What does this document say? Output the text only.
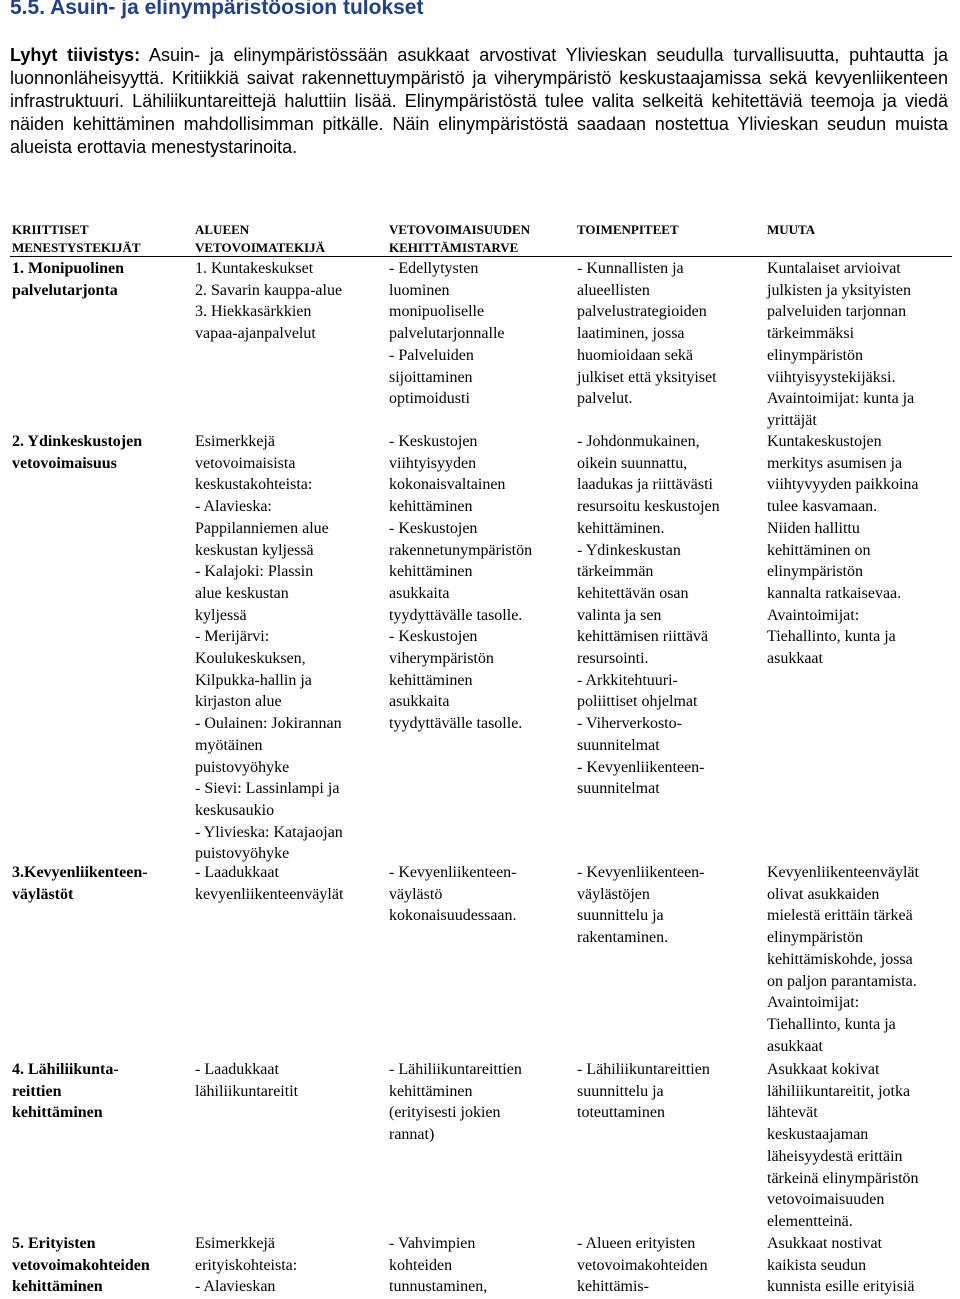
5.5. Asuin- ja elinympäristöosion tulokset

Lyhyt tiivistys: Asuin- ja elinympäristössään asukkaat arvostivat Ylivieskan seudulla turvallisuutta, puhtautta ja luonnonläheisyyttä. Kritiikkiä saivat rakennettuympäristö ja viherympäristö keskustaajamissa sekä kevyenliikenteen infrastruktuuri. Lähiliikuntareittejä haluttiin lisää. Elinympäristöstä tulee valita selkeitä kehitettäviä teemoja ja viedä näiden kehittäminen mahdollisimman pitkälle. Näin elinympäristöstä saadaan nostettua Ylivieskan seudun muista alueista erottavia menestystarinoita.

KRIITTISET
MENESTYSTEKIJÄT
ALUEEN
VETOVOIMATEKIJÄ
VETOVOIMAISUUDEN
KEHITTÄMISTARVE
TOIMENPITEET	MUUTA
1. Monipuolinen
palvelutarjonta
1. Kuntakeskukset
2. Savarin kauppa-alue
3. Hiekkasärkkien
vapaa-ajanpalvelut
- Edellytysten
luominen
monipuoliselle
palvelutarjonnalle
- Palveluiden
sijoittaminen
optimoidusti
- Kunnallisten ja
alueellisten
palvelustrategioiden
laatiminen, jossa
huomioidaan sekä
julkiset että yksityiset
palvelut.
Kuntalaiset arvioivat
julkisten ja yksityisten
palveluiden tarjonnan
tärkeimmäksi
elinympäristön
viihtyisyystekijäksi.
Avaintoimijat: kunta ja
yrittäjät
2. Ydinkeskustojen
vetovoimaisuus
Esimerkkejä
vetovoimaisista
keskustakohteista:
- Alavieska:
Pappilanniemen alue
keskustan kyljessä
- Kalajoki: Plassin
alue keskustan
kyljessä
- Merijärvi:
Koulukeskuksen,
Kilpukka-hallin ja
kirjaston alue
- Oulainen: Jokirannan
myötäinen
puistovyöhyke
- Sievi: Lassinlampi ja
keskusaukio
- Ylivieska: Katajaojan
puistovyöhyke
- Keskustojen
viihtyisyyden
kokonaisvaltainen
kehittäminen
- Keskustojen
rakennetunympäristön
kehittäminen
asukkaita
tyydyttävälle tasolle.
- Keskustojen
viherympäristön
kehittäminen
asukkaita
tyydyttävälle tasolle.
- Johdonmukainen,
oikein suunnattu,
laadukas ja riittävästi
resursoitu keskustojen
kehittäminen.
- Ydinkeskustan
tärkeimmän
kehitettävän osan
valinta ja sen
kehittämisen riittävä
resursointi.
- Arkkitehtuuri-
poliittiset ohjelmat
- Viherverkosto-
suunnitelmat
- Kevyenliikenteen-
suunnitelmat
Kuntakeskustojen
merkitys asumisen ja
viihtyvyyden paikkoina
tulee kasvamaan.
Niiden hallittu
kehittäminen on
elinympäristön
kannalta ratkaisevaa.
Avaintoimijat:
Tiehallinto, kunta ja
asukkaat
3.Kevyenliikenteen-
väylästöt
- Laadukkaat
kevyenliikenteenväylät
- Kevyenliikenteen-
väylästö
kokonaisuudessaan.
- Kevyenliikenteen-
väylästöjen
suunnittelu ja
rakentaminen.
Kevyenliikenteenväylät
olivat asukkaiden
mielestä erittäin tärkeä
elinympäristön
kehittämiskohde, jossa
on paljon parantamista.
Avaintoimijat:
Tiehallinto, kunta ja
asukkaat
4. Lähiliikunta-
reittien
kehittäminen
- Laadukkaat
lähiliikuntareitit
- Lähiliikuntareittien
kehittäminen
(erityisesti jokien
rannat)
- Lähiliikuntareittien
suunnittelu ja
toteuttaminen
Asukkaat kokivat
lähiliikuntareitit, jotka
lähtevät
keskustaajaman
läheisyydestä erittäin
tärkeinä elinympäristön
vetovoimaisuuden
elementteinä.
5. Erityisten
vetovoimakohteiden
kehittäminen
Esimerkkejä
erityiskohteista:
- Alavieskan
- Vahvimpien
kohteiden
tunnustaminen,
- Alueen erityisten
vetovoimakohteiden
kehittämis-
Asukkaat nostivat
kaikista seudun
kunnista esille erityisiä
